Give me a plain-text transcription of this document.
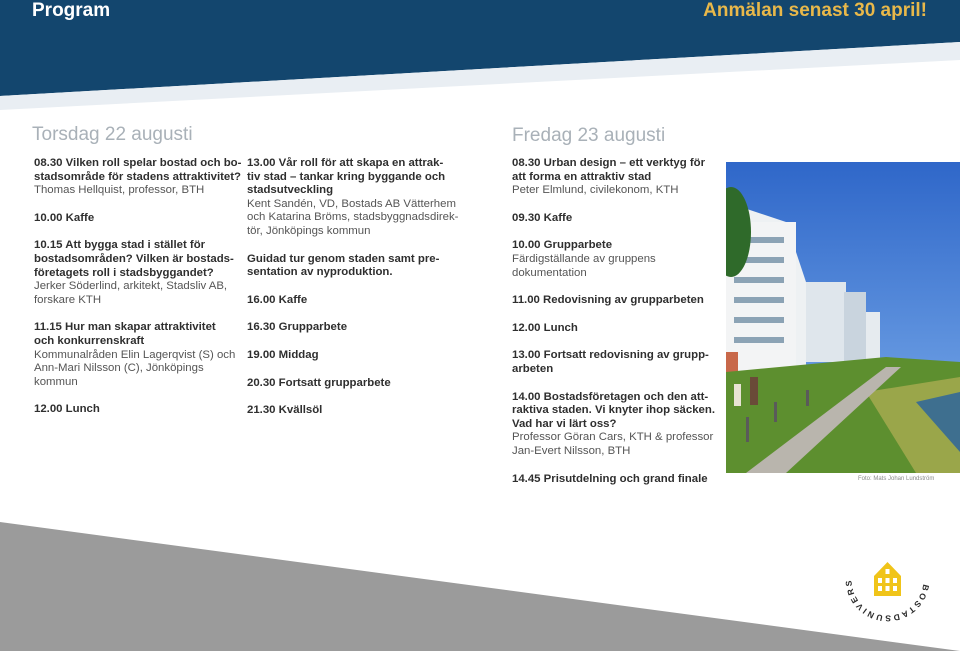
Program	Anmälan senast 30 april!
Torsdag 22 augusti	Fredag 23 augusti
08.30 Vilken roll spelar bostad och bo-
stadsområde för stadens attraktivitet?
Thomas Hellquist, professor, BTH
10.00 Kaffe
10.15 Att bygga stad i stället för
bostadsområden? Vilken är bostads-
företagets roll i stadsbyggandet?
Jerker Söderlind, arkitekt, Stadsliv AB,
forskare KTH
11.15 Hur man skapar attraktivitet
och konkurrenskraft
Kommunalråden Elin Lagerqvist (S) och
Ann-Mari Nilsson (C), Jönköpings kommun
12.00 Lunch
13.00 Vår roll för att skapa en attrak-
tiv stad – tankar kring byggande och
stadsutveckling
Kent Sandén, VD, Bostads AB Vätterhem
och Katarina Bröms, stadsbyggnadsdirek-
tör, Jönköpings kommun
Guidad tur genom staden samt pre-
sentation av nyproduktion.
16.00 Kaffe
16.30 Grupparbete
19.00 Middag
20.30 Fortsatt grupparbete
21.30 Kvällsöl
08.30 Urban design – ett verktyg för
att forma en attraktiv stad
Peter Elmlund, civilekonom, KTH
09.30 Kaffe
10.00 Grupparbete
Färdigställande av gruppens dokumentation
11.00 Redovisning av grupparbeten
12.00 Lunch
13.00 Fortsatt redovisning av grupp-
arbeten
14.00 Bostadsföretagen och den att-
raktiva staden. Vi knyter ihop säcken.
Vad har vi lärt oss?
Professor Göran Cars, KTH & professor
Jan-Evert Nilsson, BTH
14.45 Prisutdelning och grand finale	Foto: Mats Johan Lundström
BOSTADSUNIVERS
